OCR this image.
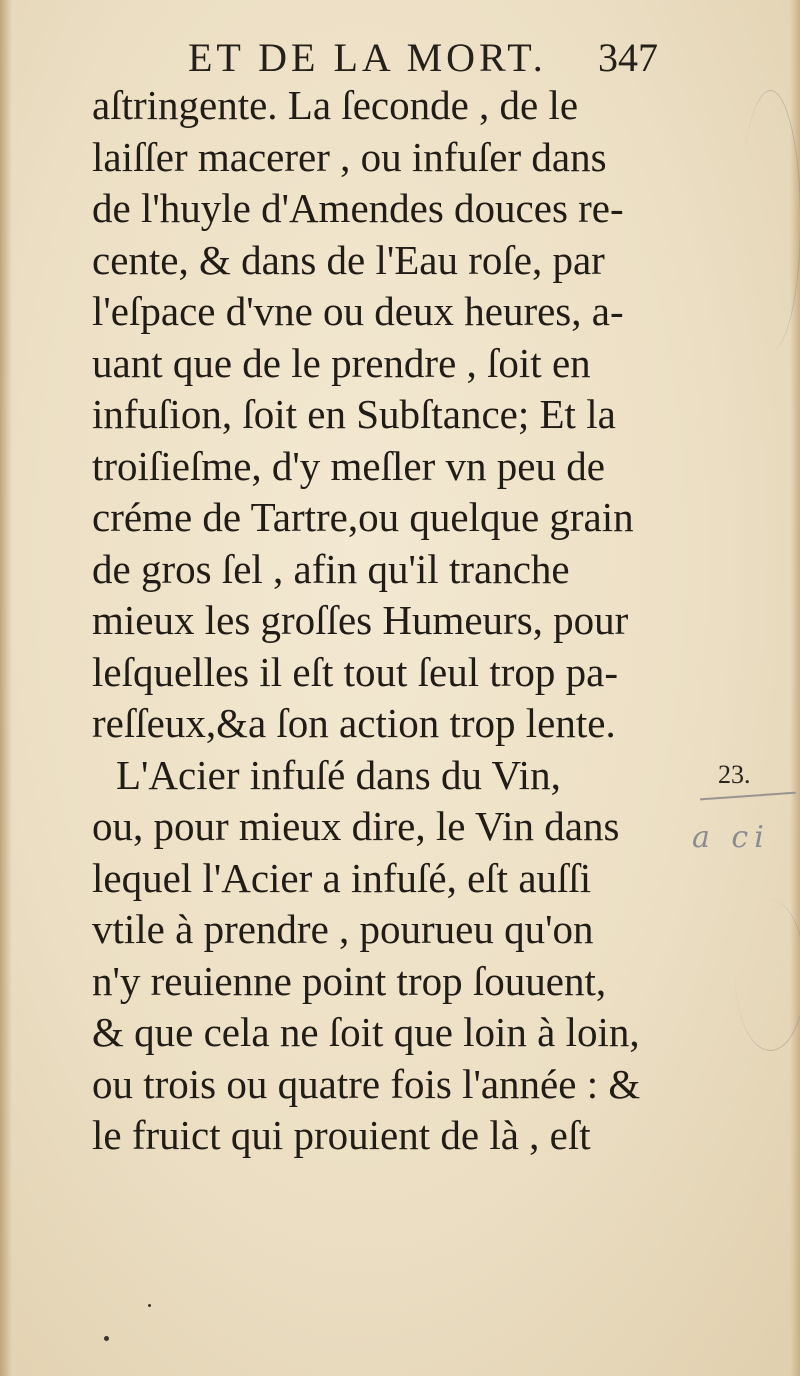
ET DE LA MORT.	347
aſtringente. La ſeconde , de le
laiſſer macerer , ou infuſer dans
de l'huyle d'Amendes douces re-
cente, & dans de l'Eau roſe, par
l'eſpace d'vne ou deux heures, a-
uant que de le prendre , ſoit en
infuſion, ſoit en Subſtance; Et la
troiſieſme, d'y meſler vn peu de
créme de Tartre,ou quelque grain
de gros ſel , afin qu'il tranche
mieux les groſſes Humeurs, pour
leſquelles il eſt tout ſeul trop pa-
reſſeux,&a ſon action trop lente.
L'Acier infuſé dans du Vin,
ou, pour mieux dire, le Vin dans
lequel l'Acier a infuſé, eſt auſſi
vtile à prendre , pourueu qu'on
n'y reuienne point trop ſouuent,
& que cela ne ſoit que loin à loin,
ou trois ou quatre fois l'année : &
le fruict qui prouient de là , eſt
23.
a ci
